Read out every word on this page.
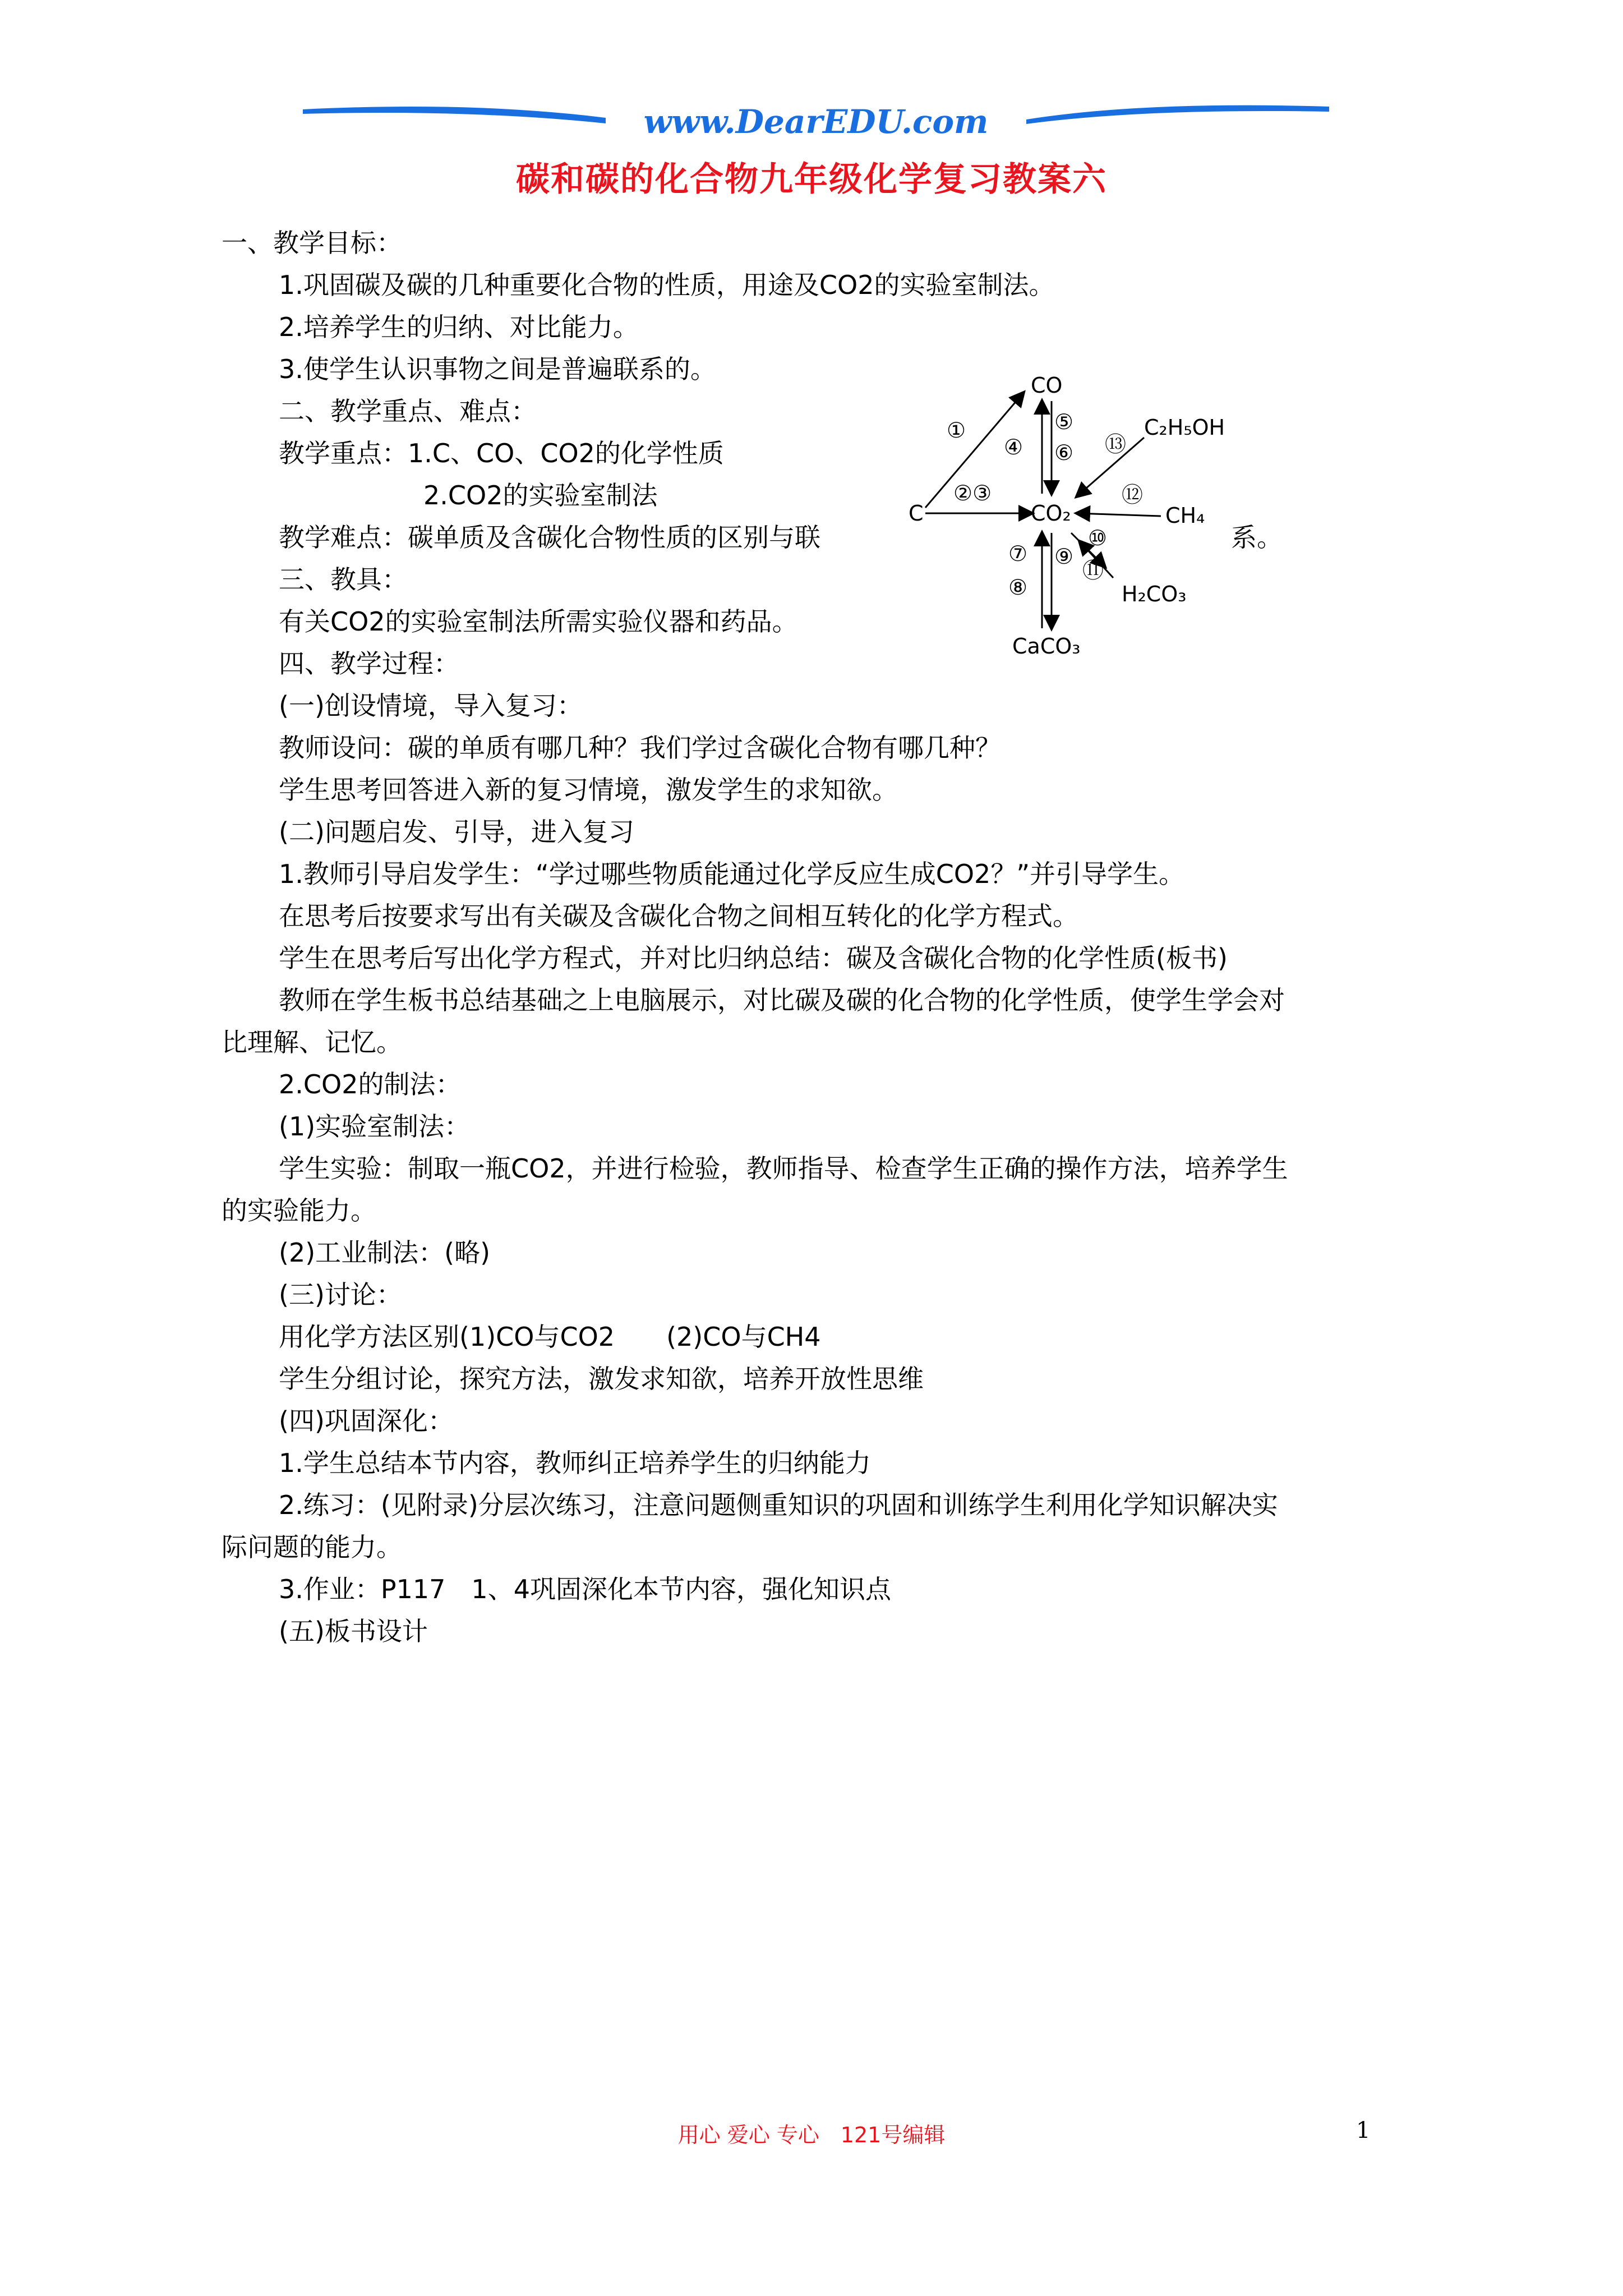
www.DearEDU.com
碳和碳的化合物九年级化学复习教案六
一、教学目标：
1.巩固碳及碳的几种重要化合物的性质，用途及CO2的实验室制法。
2.培养学生的归纳、对比能力。
3.使学生认识事物之间是普遍联系的。
二、教学重点、难点：
教学重点：1.C、CO、CO2的化学性质
2.CO2的实验室制法
教学难点：碳单质及含碳化合物性质的区别与联	系。
三、教具：
有关CO2的实验室制法所需实验仪器和药品。
四、教学过程：
(一)创设情境，导入复习：
教师设问：碳的单质有哪几种？我们学过含碳化合物有哪几种？
学生思考回答进入新的复习情境，激发学生的求知欲。
(二)问题启发、引导，进入复习
1.教师引导启发学生：“学过哪些物质能通过化学反应生成CO2？”并引导学生。
在思考后按要求写出有关碳及含碳化合物之间相互转化的化学方程式。
学生在思考后写出化学方程式，并对比归纳总结：碳及含碳化合物的化学性质(板书)
教师在学生板书总结基础之上电脑展示，对比碳及碳的化合物的化学性质，使学生学会对
比理解、记忆。
2.CO2的制法：
(1)实验室制法：
学生实验：制取一瓶CO2，并进行检验，教师指导、检查学生正确的操作方法，培养学生
的实验能力。
(2)工业制法：(略)
(三)讨论：
用化学方法区别(1)CO与CO2　　(2)CO与CH4
学生分组讨论，探究方法，激发求知欲，培养开放性思维
(四)巩固深化：
1.学生总结本节内容，教师纠正培养学生的归纳能力
2.练习：(见附录)分层次练习，注意问题侧重知识的巩固和训练学生利用化学知识解决实
际问题的能力。
3.作业：P117　1、4巩固深化本节内容，强化知识点
(五)板书设计
CO
C	CO₂
C₂H₅OH
CH₄
H₂CO₃
CaCO₃
①
②③
④
⑤
⑥
⑦
⑧
⑨
⑩
⑪
⑫
⑬
用心 爱心 专心　121号编辑	1
